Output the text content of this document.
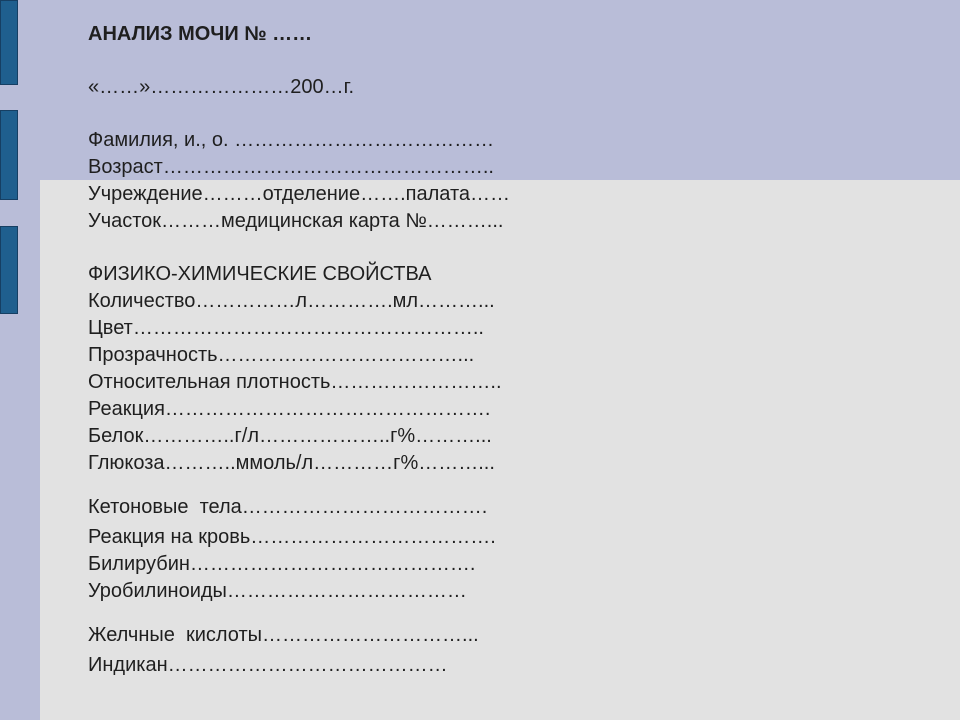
АНАЛИЗ МОЧИ № ……
«……»…………………200…г.
Фамилия, и., о. …………………………………
Возраст…………………………………………..
Учреждение………отделение…….палата……
Участок………медицинская карта №………...
ФИЗИКО-ХИМИЧЕСКИЕ СВОЙСТВА
Количество……………л………….мл………...
Цвет……………………………………………..
Прозрачность………………………………...
Относительная плотность……………………..
Реакция………………………………………….
Белок…………..г/л………………..г%………...
Глюкоза………..ммоль/л…………г%………...
Кетоновые  тела……………………………….
Реакция на кровь……………………………….
Билирубин…………………………………….
Уробилиноиды………………………………
Желчные  кислоты…………………………...
Индикан……………………………………
